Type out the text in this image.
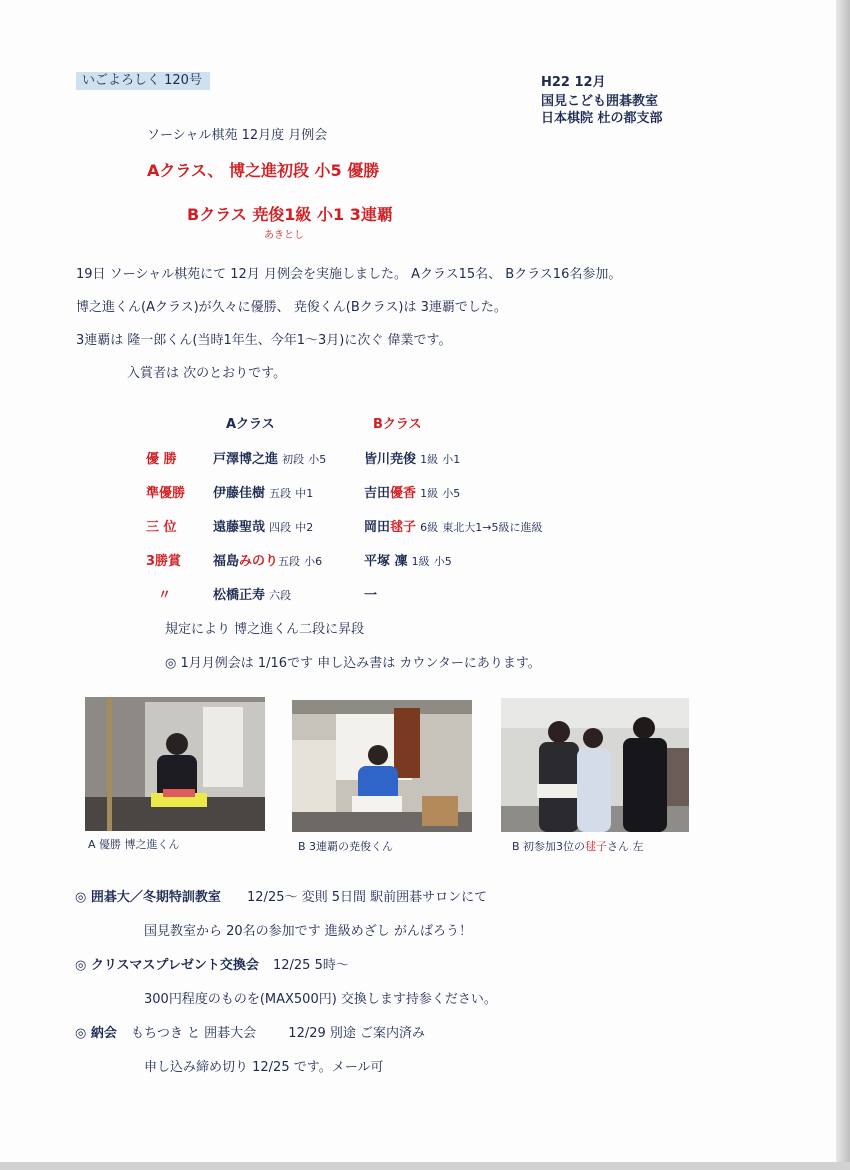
いごよろしく 120号	H22 12月
国見こども囲碁教室
日本棋院 杜の都支部
ソーシャル棋苑 12月度 月例会
Aクラス、 博之進初段 小5 優勝
Bクラス 尭俊1級 小1 3連覇
あきとし
19日 ソーシャル棋苑にて 12月 月例会を実施しました。 Aクラス15名、 Bクラス16名参加。
博之進くん(Aクラス)が久々に優勝、 尭俊くん(Bクラス)は 3連覇でした。
3連覇は 隆一郎くん(当時1年生、今年1～3月)に次ぐ 偉業です。
入賞者は 次のとおりです。
Aクラス	Bクラス
優 勝	戸澤博之進 初段 小5	皆川尭俊 1級 小1
準優勝 伊藤佳樹 五段 中1	吉田優香 1級 小5
三 位	遠藤聖哉 四段 中2	岡田毬子 6級 東北大1→5級に進級
3勝賞 福島みのり五段 小6	平塚 凜 1級 小5
〃	松橋正寿 六段	一
規定により 博之進くん二段に昇段
◎ 1月月例会は 1/16です 申し込み書は カウンターにあります。
A 優勝 博之進くん	B 3連覇の尭俊くん	B 初参加3位の毬子さん 左
◎ 囲碁大／冬期特訓教室 12/25～ 変則 5日間 駅前囲碁サロンにて
国見教室から 20名の参加です 進級めざし がんばろう！
◎ クリスマスプレゼント交換会 12/25 5時～
300円程度のものを(MAX500円) 交換します持参ください。
◎ 納会 もちつき と 囲碁大会 12/29 別途 ご案内済み
申し込み締め切り 12/25 です。メール可
